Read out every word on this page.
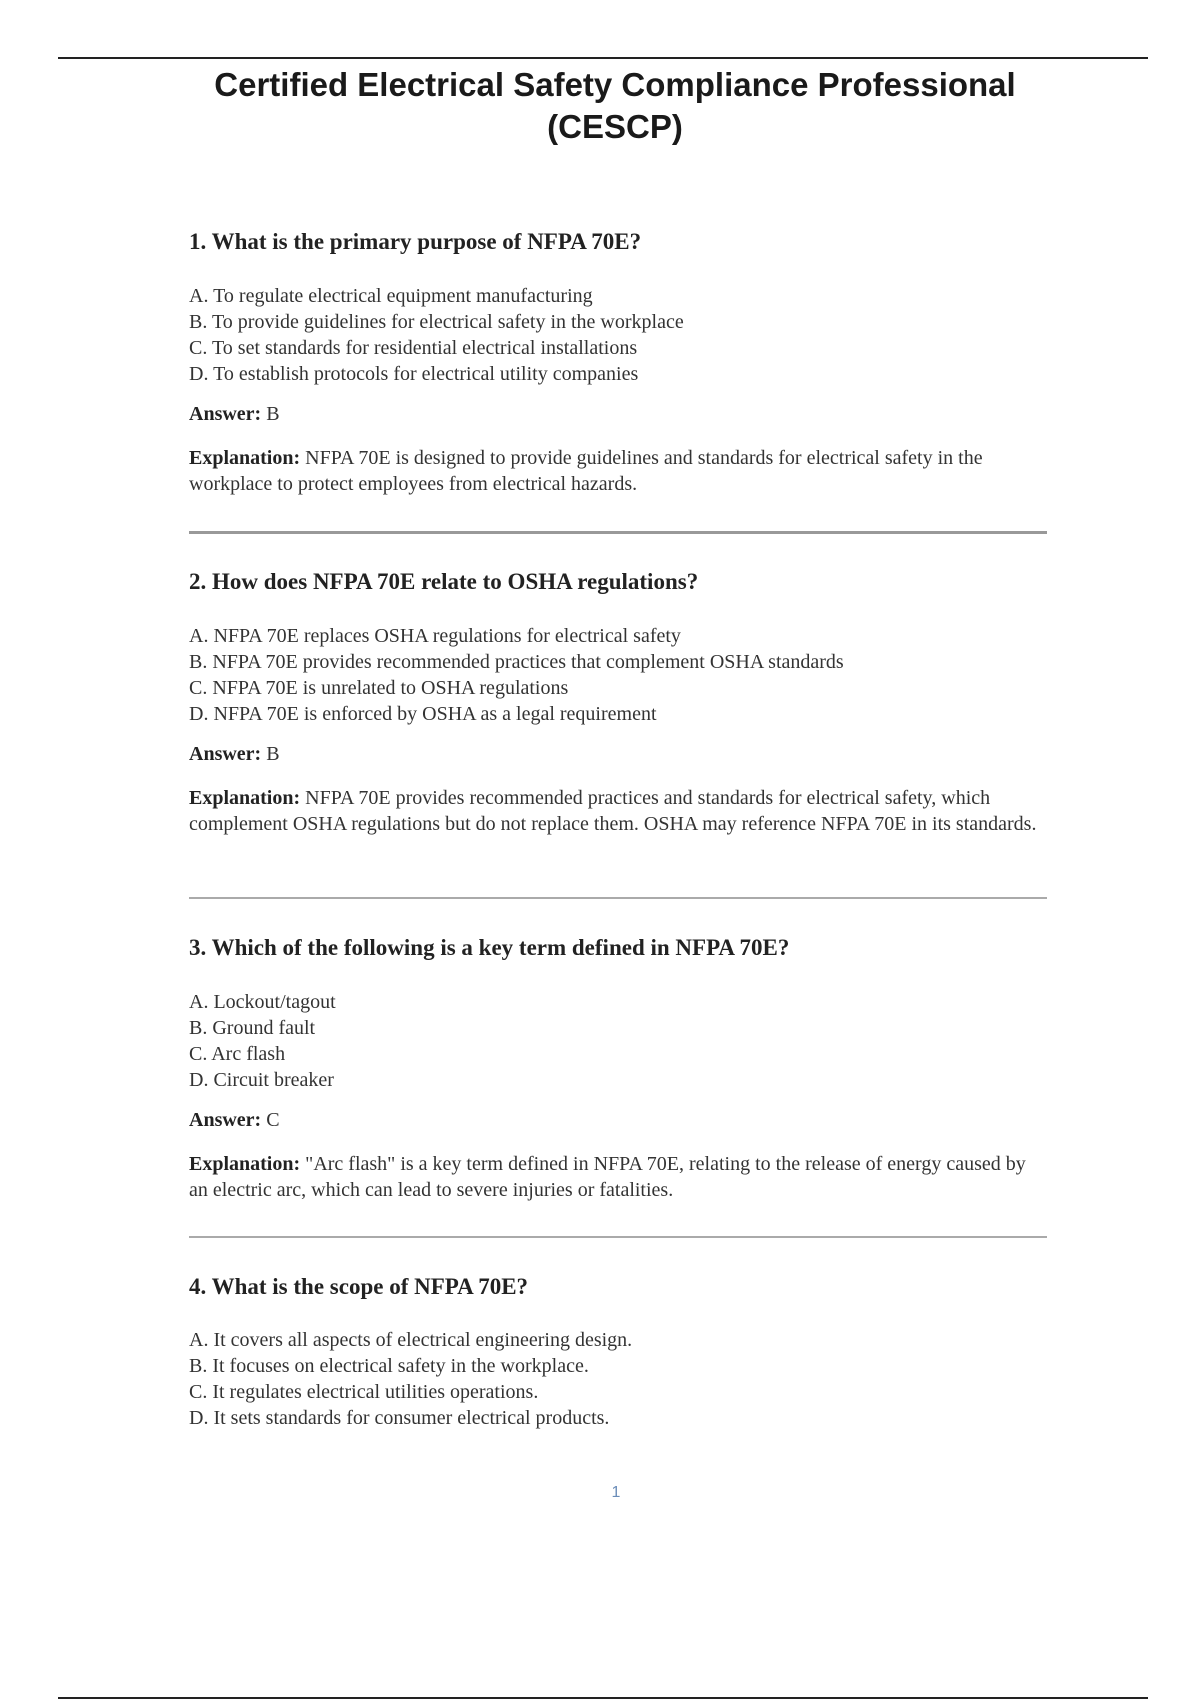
Certified Electrical Safety Compliance Professional
(CESCP)
1. What is the primary purpose of NFPA 70E?
A. To regulate electrical equipment manufacturing
B. To provide guidelines for electrical safety in the workplace
C. To set standards for residential electrical installations
D. To establish protocols for electrical utility companies
Answer: B
Explanation: NFPA 70E is designed to provide guidelines and standards for electrical safety in the workplace to protect employees from electrical hazards.
2. How does NFPA 70E relate to OSHA regulations?
A. NFPA 70E replaces OSHA regulations for electrical safety
B. NFPA 70E provides recommended practices that complement OSHA standards
C. NFPA 70E is unrelated to OSHA regulations
D. NFPA 70E is enforced by OSHA as a legal requirement
Answer: B
Explanation: NFPA 70E provides recommended practices and standards for electrical safety, which complement OSHA regulations but do not replace them. OSHA may reference NFPA 70E in its standards.
3. Which of the following is a key term defined in NFPA 70E?
A. Lockout/tagout
B. Ground fault
C. Arc flash
D. Circuit breaker
Answer: C
Explanation: "Arc flash" is a key term defined in NFPA 70E, relating to the release of energy caused by an electric arc, which can lead to severe injuries or fatalities.
4. What is the scope of NFPA 70E?
A. It covers all aspects of electrical engineering design.
B. It focuses on electrical safety in the workplace.
C. It regulates electrical utilities operations.
D. It sets standards for consumer electrical products.
1
